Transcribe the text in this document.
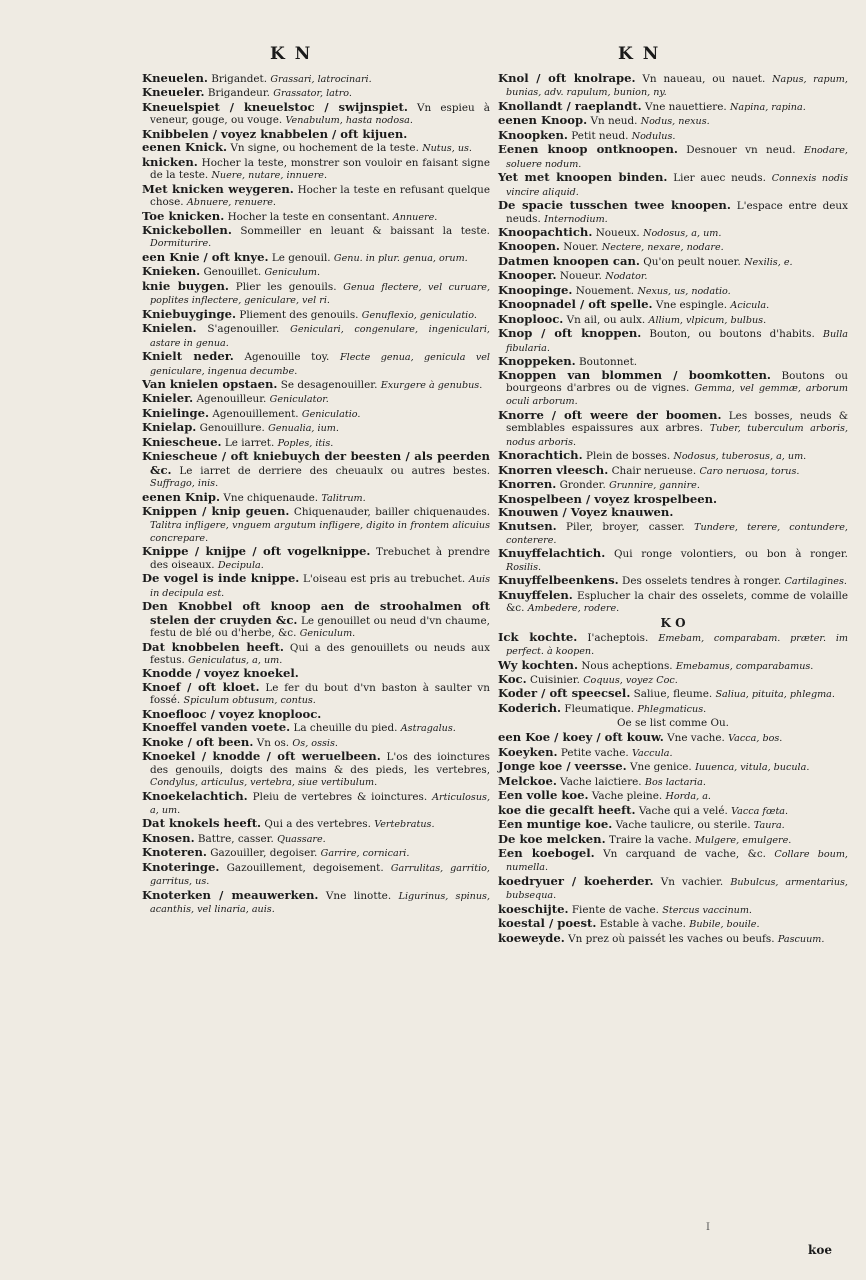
K N	K N

Kneuelen. Brigandet. Grassari, latrocinari.

Kneueler. Brigandeur. Grassator, latro.

Kneuelspiet / kneuelstoc / swijnspiet. Vn espieu à veneur, gouge, ou vouge. Venabulum, hasta nodosa.

Knibbelen / voyez knabbelen / oft kijuen.

eenen Knick. Vn signe, ou hochement de la teste. Nutus, us.

knicken. Hocher la teste, monstrer son vouloir en faisant signe de la teste. Nuere, nutare, innuere.

Met knicken weygeren. Hocher la teste en refusant quelque chose. Abnuere, renuere.

Toe knicken. Hocher la teste en consentant. Annuere.

Knickebollen. Sommeiller en leuant & baissant la teste. Dormiturire.

een Knie / oft knye. Le genouil. Genu. in plur. genua, orum.

Knieken. Genouillet. Geniculum.

knie buygen. Plier les genouils. Genua flectere, vel curuare, poplites inflectere, geniculare, vel ri.

Kniebuyginge. Pliement des genouils. Genuflexio, geniculatio.

Knielen. S'agenouiller. Geniculari, congenulare, ingeniculari, astare in genua.

Knielt neder. Agenouille toy. Flecte genua, genicula vel geniculare, ingenua decumbe.

Van knielen opstaen. Se desagenouiller. Exurgere à genubus.

Knieler. Agenouilleur. Geniculator.

Knielinge. Agenouillement. Geniculatio.

Knielap. Genouillure. Genualia, ium.

Kniescheue. Le iarret. Poples, itis.

Kniescheue / oft kniebuych der beesten / als peerden &c. Le iarret de derriere des cheuaulx ou autres bestes. Suffrago, inis.

eenen Knip. Vne chiquenaude. Talitrum.

Knippen / knip geuen. Chiquenauder, bailler chiquenaudes. Talitra infligere, vnguem argutum infligere, digito in frontem alicuius concrepare.

Knippe / knijpe / oft vogelknippe. Trebuchet à prendre des oiseaux. Decipula.

De vogel is inde knippe. L'oiseau est pris au trebuchet. Auis in decipula est.

Den Knobbel oft knoop aen de stroohalmen oft stelen der cruyden &c. Le genouillet ou neud d'vn chaume, festu de blé ou d'herbe, &c. Geniculum.

Dat knobbelen heeft. Qui a des genouillets ou neuds aux festus. Geniculatus, a, um.

Knodde / voyez knoekel.

Knoef / oft kloet. Le fer du bout d'vn baston à saulter vn fossé. Spiculum obtusum, contus.

Knoeflooc / voyez knoplooc.

Knoeffel vanden voete. La cheuille du pied. Astragalus.

Knoke / oft been. Vn os. Os, ossis.

Knoekel / knodde / oft weruelbeen. L'os des ioinctures des genouils, doigts des mains & des pieds, les vertebres, Condylus, articulus, vertebra, siue vertibulum.

Knoekelachtich. Pleiu de vertebres & ioinctures. Articulosus, a, um.

Dat knokels heeft. Qui a des vertebres. Vertebratus.

Knosen. Battre, casser. Quassare.

Knoteren. Gazouiller, degoiser. Garrire, cornicari.

Knoteringe. Gazouillement, degoisement. Garrulitas, garritio, garritus, us.

Knoterken / meauwerken. Vne linotte. Ligurinus, spinus, acanthis, vel linaria, auis.

Knol / oft knolrape. Vn naueau, ou nauet. Napus, rapum, bunias, adv. rapulum, bunion, ny.

Knollandt / raeplandt. Vne nauettiere. Napina, rapina.

eenen Knoop. Vn neud. Nodus, nexus.

Knoopken. Petit neud. Nodulus.

Eenen knoop ontknoopen. Desnouer vn neud. Enodare, soluere nodum.

Yet met knoopen binden. Lier auec neuds. Connexis nodis vincire aliquid.

De spacie tusschen twee knoopen. L'espace entre deux neuds. Internodium.

Knoopachtich. Noueux. Nodosus, a, um.

Knoopen. Nouer. Nectere, nexare, nodare.

Datmen knoopen can. Qu'on peult nouer. Nexilis, e.

Knooper. Noueur. Nodator.

Knoopinge. Nouement. Nexus, us, nodatio.

Knoopnadel / oft spelle. Vne espingle. Acicula.

Knoplooc. Vn ail, ou aulx. Allium, vlpicum, bulbus.

Knop / oft knoppen. Bouton, ou boutons d'habits. Bulla fibularia.

Knoppeken. Boutonnet.

Knoppen van blommen / boomkotten. Boutons ou bourgeons d'arbres ou de vignes. Gemma, vel gemmæ, arborum oculi arborum.

Knorre / oft weere der boomen. Les bosses, neuds & semblables espaissures aux arbres. Tuber, tuberculum arboris, nodus arboris.

Knorachtich. Plein de bosses. Nodosus, tuberosus, a, um.

Knorren vleesch. Chair nerueuse. Caro neruosa, torus.

Knorren. Gronder. Grunnire, gannire.

Knospelbeen / voyez krospelbeen.

Knouwen / Voyez knauwen.

Knutsen. Piler, broyer, casser. Tundere, terere, contundere, conterere.

Knuyffelachtich. Qui ronge volontiers, ou bon à ronger. Rosilis.

Knuyffelbeenkens. Des osselets tendres à ronger. Cartilagines.

Knuyffelen. Esplucher la chair des osselets, comme de volaille &c. Ambedere, rodere.

K O

Ick kochte. I'acheptois. Emebam, comparabam. præter. im perfect. à koopen.

Wy kochten. Nous acheptions. Emebamus, comparabamus.

Koc. Cuisinier. Coquus, voyez Coc.

Koder / oft speecsel. Saliue, fleume. Saliua, pituita, phlegma.

Koderich. Fleumatique. Phlegmaticus.

Oe se list comme Ou.

een Koe / koey / oft kouw. Vne vache. Vacca, bos.

Koeyken. Petite vache. Vaccula.

Jonge koe / veersse. Vne genice. Iuuenca, vitula, bucula.

Melckoe. Vache laictiere. Bos lactaria.

Een volle koe. Vache pleine. Horda, a.

koe die gecalft heeft. Vache qui a velé. Vacca fœta.

Een muntige koe. Vache taulicre, ou sterile. Taura.

De koe melcken. Traire la vache. Mulgere, emulgere.

Een koebogel. Vn carquand de vache, &c. Collare boum, numella.

koedryuer / koeherder. Vn vachier. Bubulcus, armentarius, bubsequa.

koeschijte. Fiente de vache. Stercus vaccinum.

koestal / poest. Estable à vache. Bubile, bouile.

koeweyde. Vn prez où paissét les vaches ou beufs. Pascuum.

I
koe
